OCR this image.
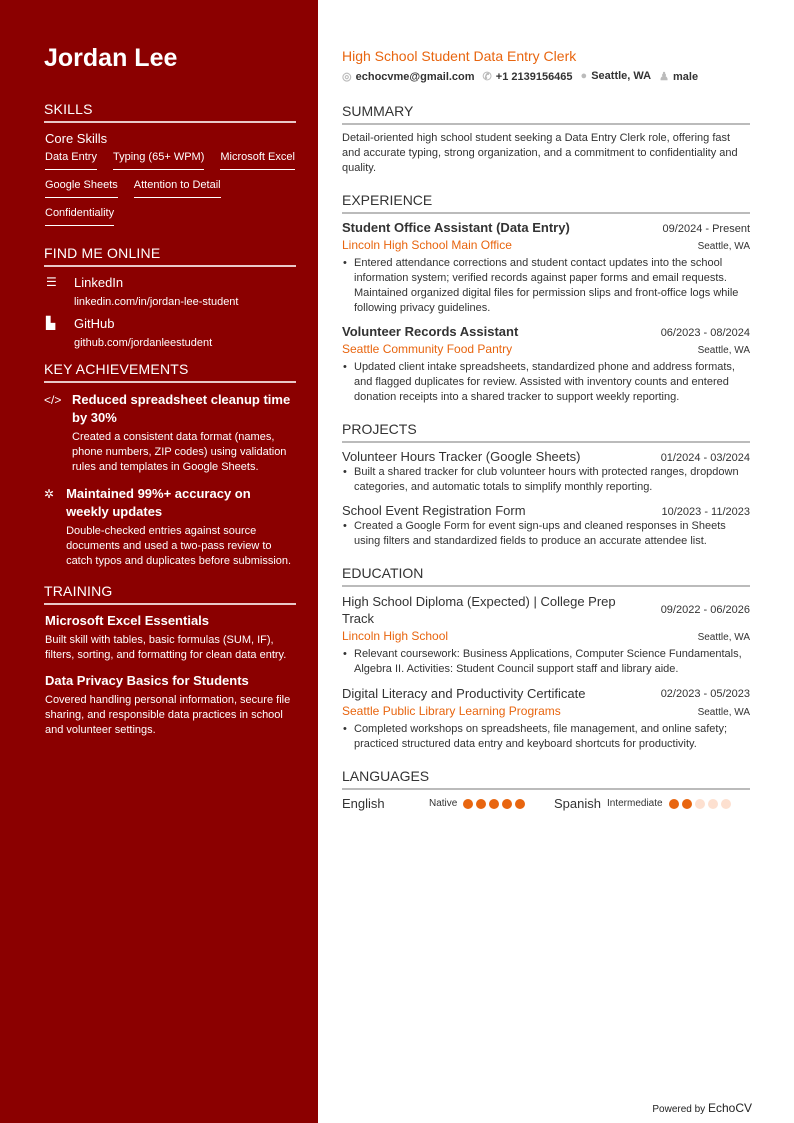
Jordan Lee
SKILLS
Core Skills
Data Entry Typing (65+ WPM) Microsoft Excel
Google Sheets Attention to Detail
Confidentiality
FIND ME ONLINE
☰ LinkedIn
linkedin.com/in/jordan-lee-student
▙	GitHub
github.com/jordanleestudent
KEY ACHIEVEMENTS
</> Reduced spreadsheet cleanup time by 30%
Created a consistent data format (names, phone numbers, ZIP codes) using validation rules and templates in Google Sheets.
✲ Maintained 99%+ accuracy on weekly updates
Double-checked entries against source documents and used a two-pass review to catch typos and duplicates before submission.
TRAINING
Microsoft Excel Essentials
Built skill with tables, basic formulas (SUM, IF), filters, sorting, and formatting for clean data entry.
Data Privacy Basics for Students
Covered handling personal information, secure file sharing, and responsible data practices in school and volunteer settings.
High School Student Data Entry Clerk
◎ echocvme@gmail.com ✆ +1 2139156465 ● Seattle, WA ♟ male
SUMMARY
Detail-oriented high school student seeking a Data Entry Clerk role, offering fast and accurate typing, strong organization, and a commitment to confidentiality and quality.
EXPERIENCE
Student Office Assistant (Data Entry)	09/2024 - Present
Lincoln High School Main Office	Seattle, WA
• Entered attendance corrections and student contact updates into the school information system; verified records against paper forms and email requests. Maintained organized digital files for permission slips and front-office logs while following privacy guidelines.
Volunteer Records Assistant	06/2023 - 08/2024
Seattle Community Food Pantry	Seattle, WA
• Updated client intake spreadsheets, standardized phone and address formats, and flagged duplicates for review. Assisted with inventory counts and entered donation receipts into a shared tracker to support weekly reporting.
PROJECTS
Volunteer Hours Tracker (Google Sheets)	01/2024 - 03/2024
• Built a shared tracker for club volunteer hours with protected ranges, dropdown categories, and automatic totals to simplify monthly reporting.
School Event Registration Form	10/2023 - 11/2023
• Created a Google Form for event sign-ups and cleaned responses in Sheets using filters and standardized fields to produce an accurate attendee list.
EDUCATION
High School Diploma (Expected) | College Prep Track
09/2022 - 06/2026
Lincoln High School	Seattle, WA
• Relevant coursework: Business Applications, Computer Science Fundamentals, Algebra II. Activities: Student Council support staff and library aide.
Digital Literacy and Productivity Certificate	02/2023 - 05/2023
Seattle Public Library Learning Programs	Seattle, WA
• Completed workshops on spreadsheets, file management, and online safety; practiced structured data entry and keyboard shortcuts for productivity.
LANGUAGES
English	Native	Spanish Intermediate
Powered by EchoCV
